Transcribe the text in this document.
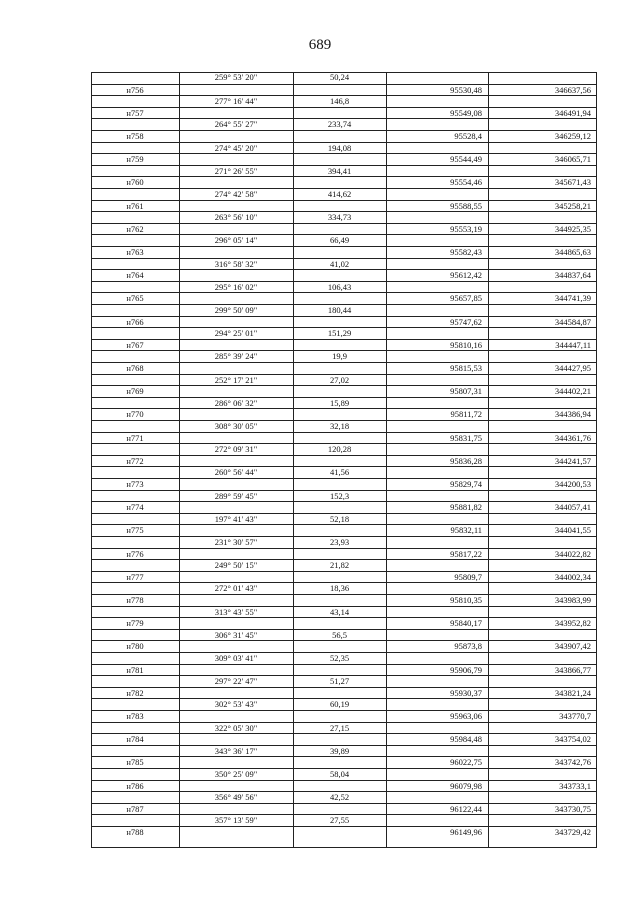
689
259° 53' 20"	50,24
н756	95530,48	346637,56
277° 16' 44"	146,8
н757	95549,08	346491,94
264° 55' 27"	233,74
н758	95528,4	346259,12
274° 45' 20"	194,08
н759	95544,49	346065,71
271° 26' 55"	394,41
н760	95554,46	345671,43
274° 42' 58"	414,62
н761	95588,55	345258,21
263° 56' 10"	334,73
н762	95553,19	344925,35
296° 05' 14"	66,49
н763	95582,43	344865,63
316° 58' 32"	41,02
н764	95612,42	344837,64
295° 16' 02"	106,43
н765	95657,85	344741,39
299° 50' 09"	180,44
н766	95747,62	344584,87
294° 25' 01"	151,29
н767	95810,16	344447,11
285° 39' 24"	19,9
н768	95815,53	344427,95
252° 17' 21"	27,02
н769	95807,31	344402,21
286° 06' 32"	15,89
н770	95811,72	344386,94
308° 30' 05"	32,18
н771	95831,75	344361,76
272° 09' 31"	120,28
н772	95836,28	344241,57
260° 56' 44"	41,56
н773	95829,74	344200,53
289° 59' 45"	152,3
н774	95881,82	344057,41
197° 41' 43"	52,18
н775	95832,11	344041,55
231° 30' 57"	23,93
н776	95817,22	344022,82
249° 50' 15"	21,82
н777	95809,7	344002,34
272° 01' 43"	18,36
н778	95810,35	343983,99
313° 43' 55"	43,14
н779	95840,17	343952,82
306° 31' 45"	56,5
н780	95873,8	343907,42
309° 03' 41"	52,35
н781	95906,79	343866,77
297° 22' 47"	51,27
н782	95930,37	343821,24
302° 53' 43"	60,19
н783	95963,06	343770,7
322° 05' 30"	27,15
н784	95984,48	343754,02
343° 36' 17"	39,89
н785	96022,75	343742,76
350° 25' 09"	58,04
н786	96079,98	343733,1
356° 49' 56"	42,52
н787	96122,44	343730,75
357° 13' 59"	27,55
н788	96149,96	343729,42
